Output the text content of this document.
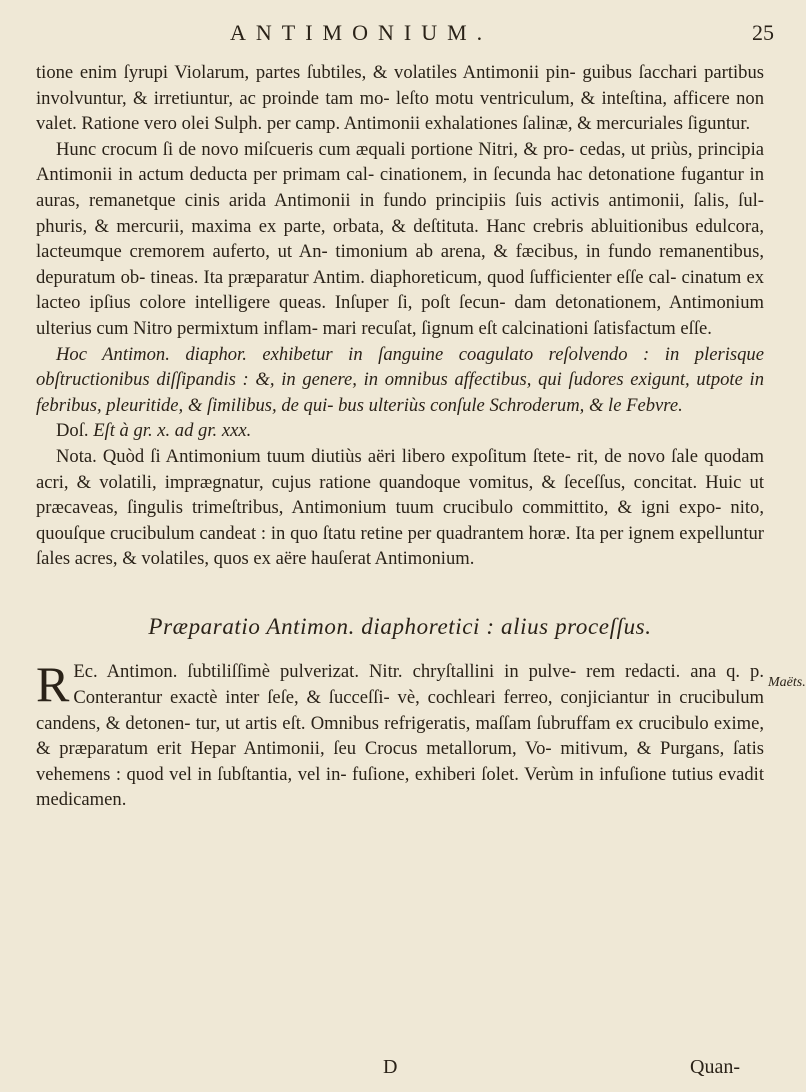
ANTIMONIUM.	25

tione enim ſyrupi Violarum, partes ſubtiles, & volatiles Antimonii pin- guibus ſacchari partibus involvuntur, & irretiuntur, ac proinde tam mo- leſto motu ventriculum, & inteſtina, afficere non valet. Ratione vero olei Sulph. per camp. Antimonii exhalationes ſalinæ, & mercuriales ſiguntur.

Hunc crocum ſi de novo miſcueris cum æquali portione Nitri, & pro- cedas, ut priùs, principia Antimonii in actum deducta per primam cal- cinationem, in ſecunda hac detonatione fugantur in auras, remanetque cinis arida Antimonii in fundo principiis ſuis activis antimonii, ſalis, ſul- phuris, & mercurii, maxima ex parte, orbata, & deſtituta. Hanc crebris abluitionibus edulcora, lacteumque cremorem auferto, ut An- timonium ab arena, & fæcibus, in fundo remanentibus, depuratum ob- tineas. Ita præparatur Antim. diaphoreticum, quod ſufficienter eſſe cal- cinatum ex lacteo ipſius colore intelligere queas. Inſuper ſi, poſt ſecun- dam detonationem, Antimonium ulterius cum Nitro permixtum inflam- mari recuſat, ſignum eſt calcinationi ſatisfactum eſſe.

Hoc Antimon. diaphor. exhibetur in ſanguine coagulato reſolvendo : in plerisque obſtructionibus diſſipandis : &, in genere, in omnibus affectibus, qui ſudores exigunt, utpote in febribus, pleuritide, & ſimilibus, de qui- bus ulteriùs conſule Schroderum, & le Febvre.

Doſ. Eſt à gr. x. ad gr. xxx.

Nota. Quòd ſi Antimonium tuum diutiùs aëri libero expoſitum ſtete- rit, de novo ſale quodam acri, & volatili, imprægnatur, cujus ratione quandoque vomitus, & ſeceſſus, concitat. Huic ut præcaveas, ſingulis trimeſtribus, Antimonium tuum crucibulo committito, & igni expo- nito, quouſque crucibulum candeat : in quo ſtatu retine per quadrantem horæ. Ita per ignem expelluntur ſales acres, & volatiles, quos ex aëre hauſerat Antimonium.

Præparatio Antimon. diaphoretici : alius proceſſus.

R Ec. Antimon. ſubtiliſſimè pulverizat. Nitr. chryſtallini in pulve- rem redacti. ana q. p. Conterantur exactè inter ſeſe, & ſucceſſi- vè, cochleari ferreo, conjiciantur in crucibulum candens, & detonen- tur, ut artis eſt. Omnibus refrigeratis, maſſam ſubruffam ex crucibulo exime, & præparatum erit Hepar Antimonii, ſeu Crocus metallorum, Vo- mitivum, & Purgans, ſatis vehemens : quod vel in ſubſtantia, vel in- fuſione, exhiberi ſolet. Verùm in infuſione tutius evadit medicamen.

Maëts.
D	Quan-
